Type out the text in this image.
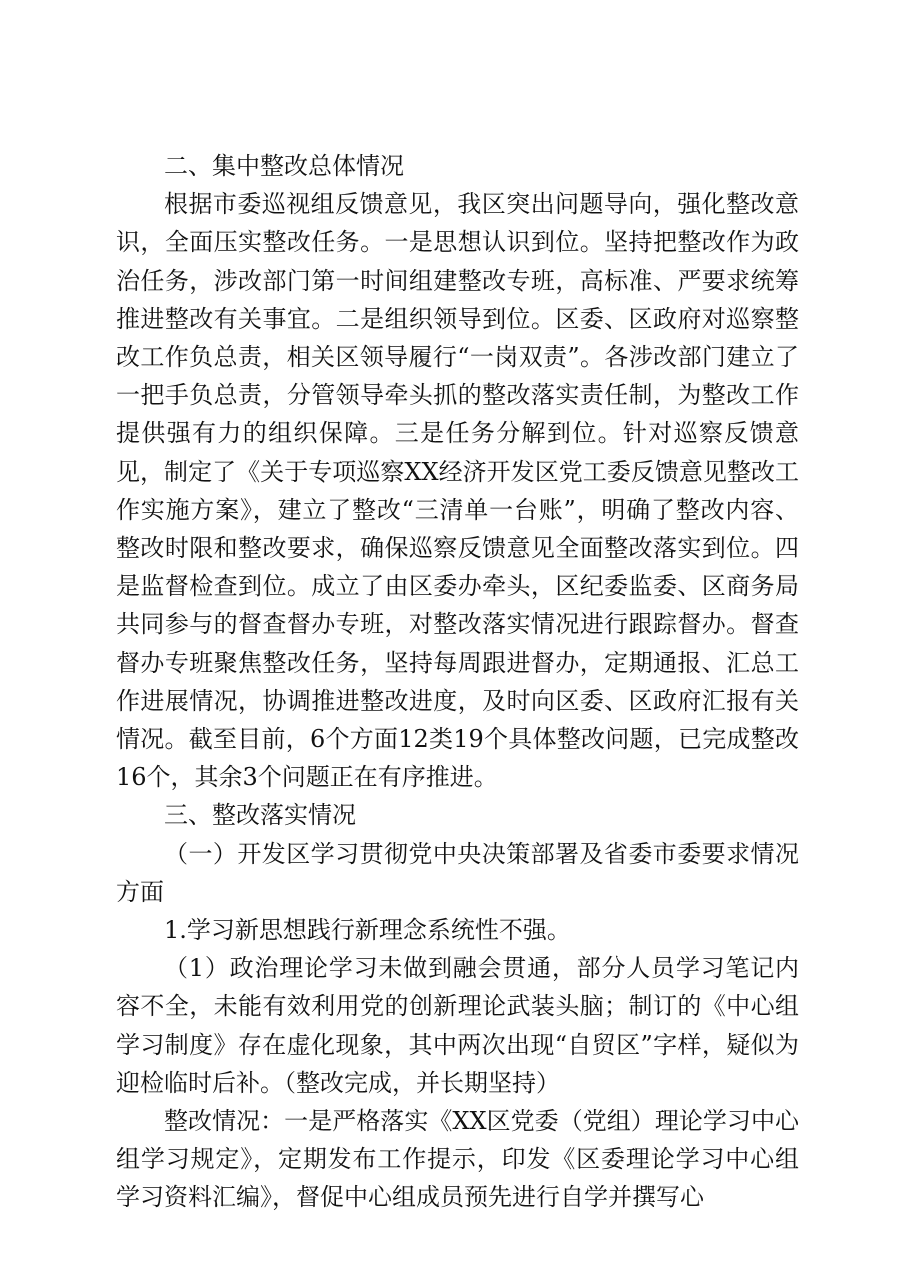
二、集中整改总体情况

根据市委巡视组反馈意见，我区突出问题导向，强化整改意识，全面压实整改任务。一是思想认识到位。坚持把整改作为政治任务，涉改部门第一时间组建整改专班，高标准、严要求统筹推进整改有关事宜。二是组织领导到位。区委、区政府对巡察整改工作负总责，相关区领导履行“一岗双责”。各涉改部门建立了一把手负总责，分管领导牵头抓的整改落实责任制，为整改工作提供强有力的组织保障。三是任务分解到位。针对巡察反馈意见，制定了《关于专项巡察XX经济开发区党工委反馈意见整改工作实施方案》，建立了整改“三清单一台账”，明确了整改内容、整改时限和整改要求，确保巡察反馈意见全面整改落实到位。四是监督检查到位。成立了由区委办牵头，区纪委监委、区商务局共同参与的督查督办专班，对整改落实情况进行跟踪督办。督查督办专班聚焦整改任务，坚持每周跟进督办，定期通报、汇总工作进展情况，协调推进整改进度，及时向区委、区政府汇报有关情况。截至目前，6个方面12类19个具体整改问题，已完成整改16个，其余3个问题正在有序推进。

三、整改落实情况

（一）开发区学习贯彻党中央决策部署及省委市委要求情况方面

1.学习新思想践行新理念系统性不强。

（1）政治理论学习未做到融会贯通，部分人员学习笔记内容不全，未能有效利用党的创新理论武装头脑；制订的《中心组学习制度》存在虚化现象，其中两次出现“自贸区”字样，疑似为迎检临时后补。（整改完成，并长期坚持）

整改情况：一是严格落实《XX区党委（党组）理论学习中心组学习规定》，定期发布工作提示，印发《区委理论学习中心组学习资料汇编》，督促中心组成员预先进行自学并撰写心
